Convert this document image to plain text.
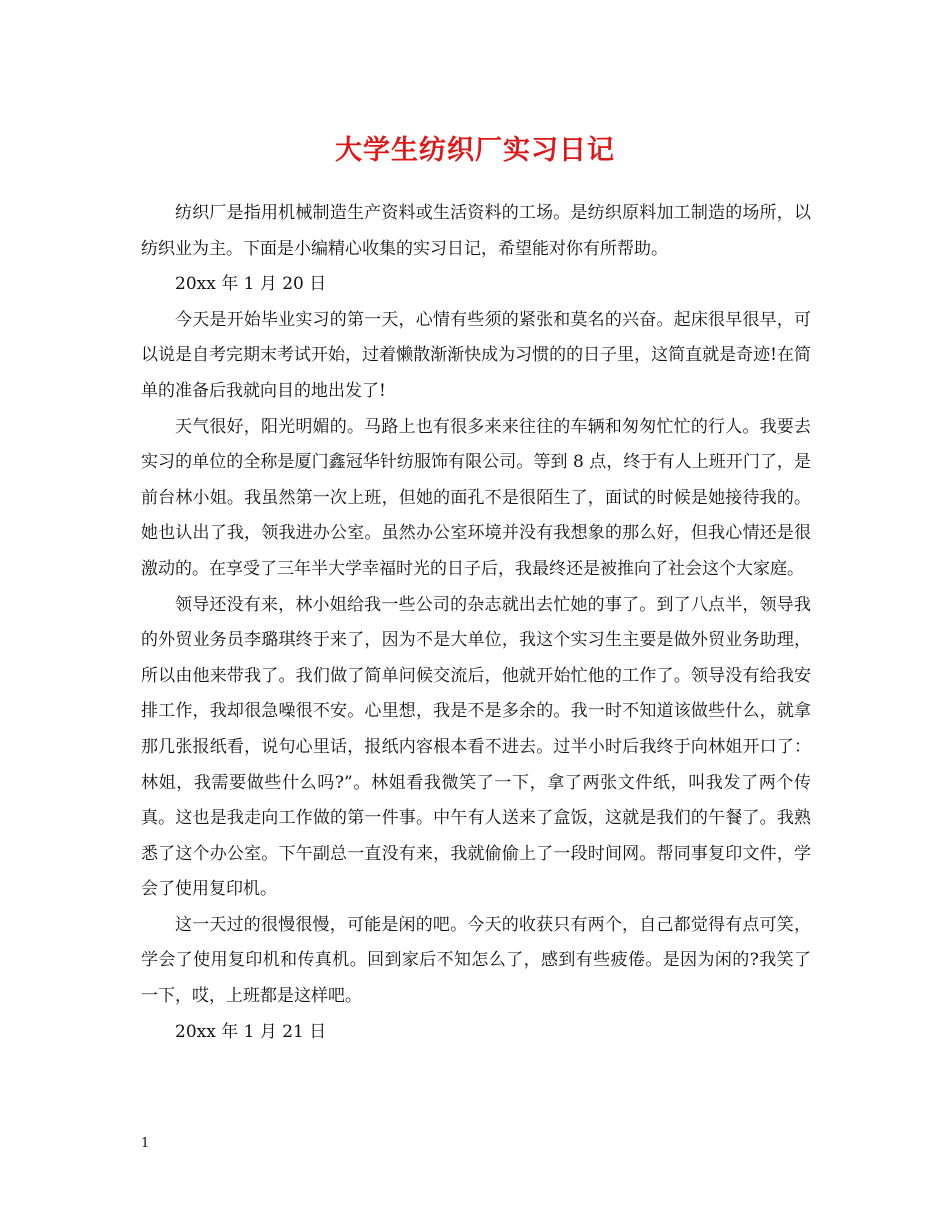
大学生纺织厂实习日记

纺织厂是指用机械制造生产资料或生活资料的工场。是纺织原料加工制造的场所，以纺织业为主。下面是小编精心收集的实习日记，希望能对你有所帮助。

20xx 年 1 月 20 日

今天是开始毕业实习的第一天，心情有些须的紧张和莫名的兴奋。起床很早很早，可以说是自考完期末考试开始，过着懒散渐渐快成为习惯的的日子里，这简直就是奇迹!在简单的准备后我就向目的地出发了!

天气很好，阳光明媚的。马路上也有很多来来往往的车辆和匆匆忙忙的行人。我要去实习的单位的全称是厦门鑫冠华针纺服饰有限公司。等到 8 点，终于有人上班开门了，是前台林小姐。我虽然第一次上班，但她的面孔不是很陌生了，面试的时候是她接待我的。她也认出了我，领我进办公室。虽然办公室环境并没有我想象的那么好，但我心情还是很激动的。在享受了三年半大学幸福时光的日子后，我最终还是被推向了社会这个大家庭。

领导还没有来，林小姐给我一些公司的杂志就出去忙她的事了。到了八点半，领导我的外贸业务员李璐琪终于来了，因为不是大单位，我这个实习生主要是做外贸业务助理，所以由他来带我了。我们做了简单问候交流后，他就开始忙他的工作了。领导没有给我安排工作，我却很急噪很不安。心里想，我是不是多余的。我一时不知道该做些什么，就拿那几张报纸看，说句心里话，报纸内容根本看不进去。过半小时后我终于向林姐开口了：林姐，我需要做些什么吗?”。林姐看我微笑了一下，拿了两张文件纸，叫我发了两个传真。这也是我走向工作做的第一件事。中午有人送来了盒饭，这就是我们的午餐了。我熟悉了这个办公室。下午副总一直没有来，我就偷偷上了一段时间网。帮同事复印文件，学会了使用复印机。

这一天过的很慢很慢，可能是闲的吧。今天的收获只有两个，自己都觉得有点可笑，学会了使用复印机和传真机。回到家后不知怎么了，感到有些疲倦。是因为闲的?我笑了一下，哎，上班都是这样吧。

20xx 年 1 月 21 日

1
